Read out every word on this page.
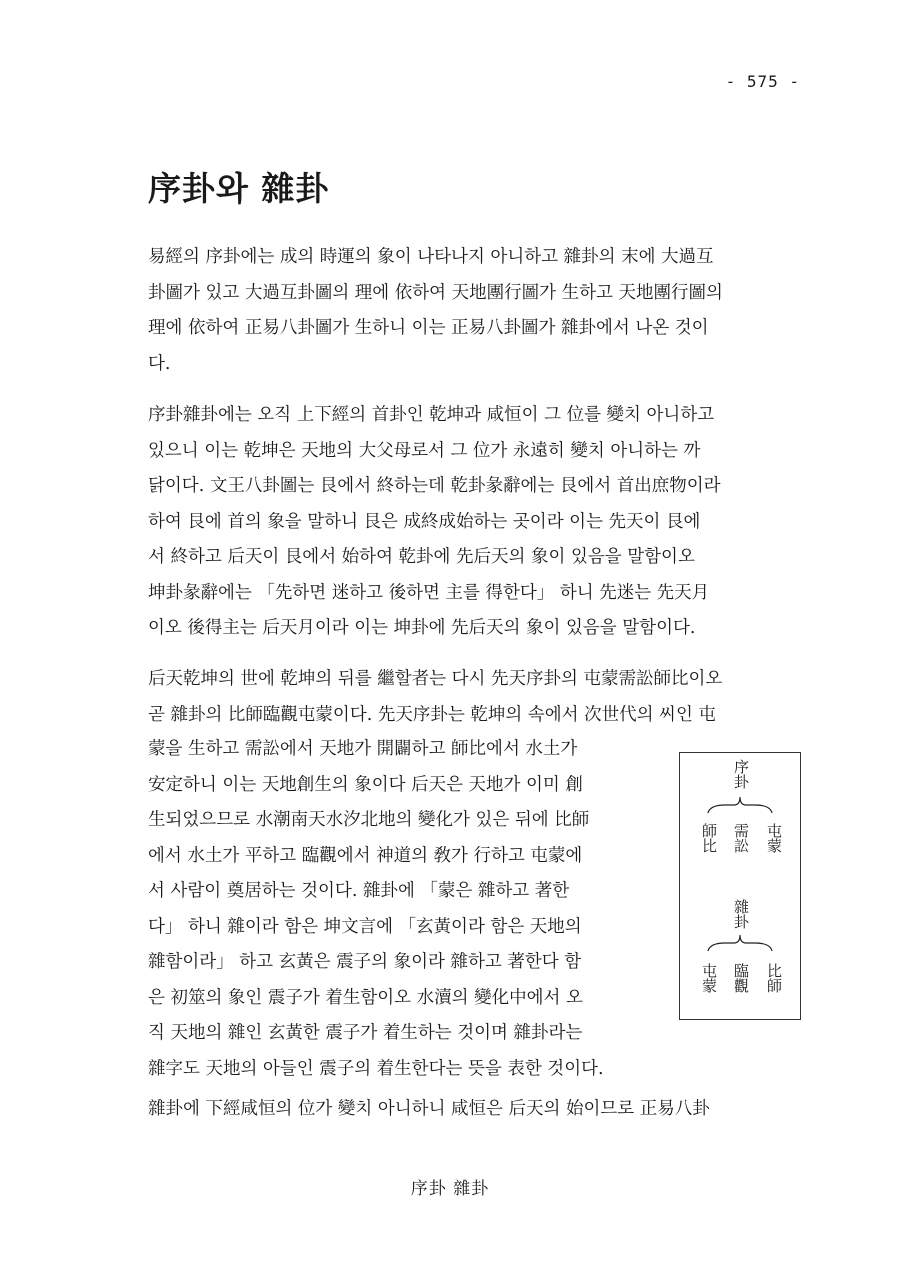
- 575 -
序卦와 雜卦
易經의 序卦에는 成의 時運의 象이 나타나지 아니하고 雜卦의 末에 大過互
卦圖가 있고 大過互卦圖의 理에 依하여 天地團行圖가 生하고 天地團行圖의
理에 依하여 正易八卦圖가 生하니 이는 正易八卦圖가 雜卦에서 나온 것이
다.
序卦雜卦에는 오직 上下經의 首卦인 乾坤과 咸恒이 그 位를 變치 아니하고
있으니 이는 乾坤은 天地의 大父母로서 그 位가 永遠히 變치 아니하는 까
닭이다. 文王八卦圖는 艮에서 終하는데 乾卦彖辭에는 艮에서 首出庶物이라
하여 艮에 首의 象을 말하니 艮은 成終成始하는 곳이라 이는 先天이 艮에
서 終하고 后天이 艮에서 始하여 乾卦에 先后天의 象이 있음을 말함이오
坤卦彖辭에는 「先하면 迷하고 後하면 主를 得한다」 하니 先迷는 先天月
이오 後得主는 后天月이라 이는 坤卦에 先后天의 象이 있음을 말함이다.
后天乾坤의 世에 乾坤의 뒤를 繼할者는 다시 先天序卦의 屯蒙需訟師比이오
곧 雜卦의 比師臨觀屯蒙이다. 先天序卦는 乾坤의 속에서 次世代의 씨인 屯
蒙을 生하고 需訟에서 天地가 開闢하고 師比에서 水土가
安定하니 이는 天地創生의 象이다 后天은 天地가 이미 創
生되었으므로 水潮南天水汐北地의 變化가 있은 뒤에 比師
에서 水土가 平하고 臨觀에서 神道의 敎가 行하고 屯蒙에
서 사람이 奠居하는 것이다. 雜卦에 「蒙은 雜하고 著한
다」 하니 雜이라 함은 坤文言에 「玄黃이라 함은 天地의
雜함이라」 하고 玄黃은 震子의 象이라 雜하고 著한다 함
은 初筮의 象인 震子가 着生함이오 水瀆의 變化中에서 오
직 天地의 雜인 玄黃한 震子가 着生하는 것이며 雜卦라는
雜字도 天地의 아들인 震子의 着生한다는 뜻을 表한 것이다.
序卦
師比 需訟 屯蒙
雜卦
屯蒙 臨觀 比師
雜卦에 下經咸恒의 位가 變치 아니하니 咸恒은 后天의 始이므로 正易八卦
序卦 雜卦
